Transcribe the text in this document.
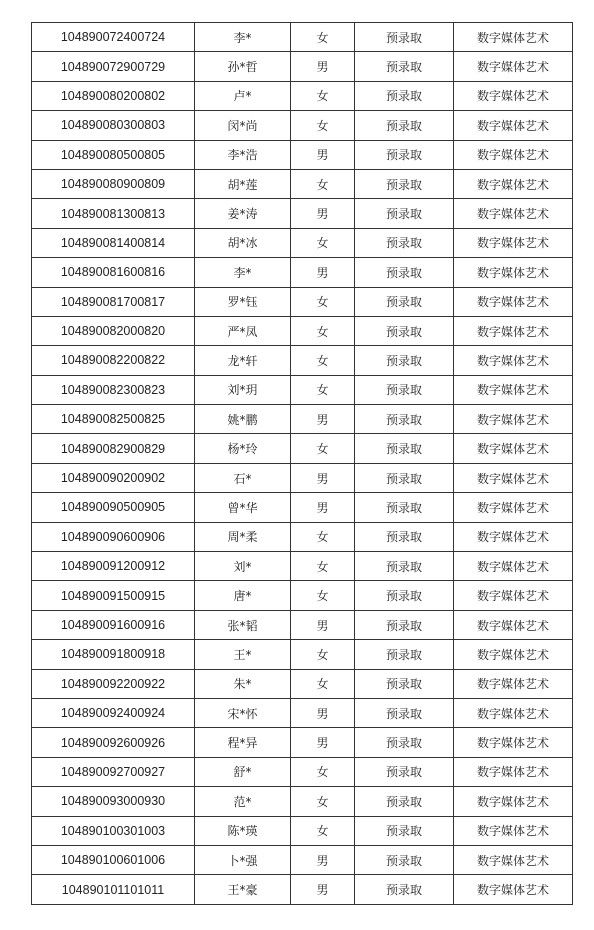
104890072400724	李*	女	预录取	数字媒体艺术
104890072900729	孙*哲	男	预录取	数字媒体艺术
104890080200802	卢*	女	预录取	数字媒体艺术
104890080300803	闵*尚	女	预录取	数字媒体艺术
104890080500805	李*浩	男	预录取	数字媒体艺术
104890080900809	胡*莲	女	预录取	数字媒体艺术
104890081300813	姜*涛	男	预录取	数字媒体艺术
104890081400814	胡*冰	女	预录取	数字媒体艺术
104890081600816	李*	男	预录取	数字媒体艺术
104890081700817	罗*钰	女	预录取	数字媒体艺术
104890082000820	严*凤	女	预录取	数字媒体艺术
104890082200822	龙*轩	女	预录取	数字媒体艺术
104890082300823	刘*玥	女	预录取	数字媒体艺术
104890082500825	姚*鹏	男	预录取	数字媒体艺术
104890082900829	杨*玲	女	预录取	数字媒体艺术
104890090200902	石*	男	预录取	数字媒体艺术
104890090500905	曾*华	男	预录取	数字媒体艺术
104890090600906	周*柔	女	预录取	数字媒体艺术
104890091200912	刘*	女	预录取	数字媒体艺术
104890091500915	唐*	女	预录取	数字媒体艺术
104890091600916	张*韬	男	预录取	数字媒体艺术
104890091800918	王*	女	预录取	数字媒体艺术
104890092200922	朱*	女	预录取	数字媒体艺术
104890092400924	宋*怀	男	预录取	数字媒体艺术
104890092600926	程*异	男	预录取	数字媒体艺术
104890092700927	舒*	女	预录取	数字媒体艺术
104890093000930	范*	女	预录取	数字媒体艺术
104890100301003	陈*瑛	女	预录取	数字媒体艺术
104890100601006	卜*强	男	预录取	数字媒体艺术
104890101101011	王*豪	男	预录取	数字媒体艺术
